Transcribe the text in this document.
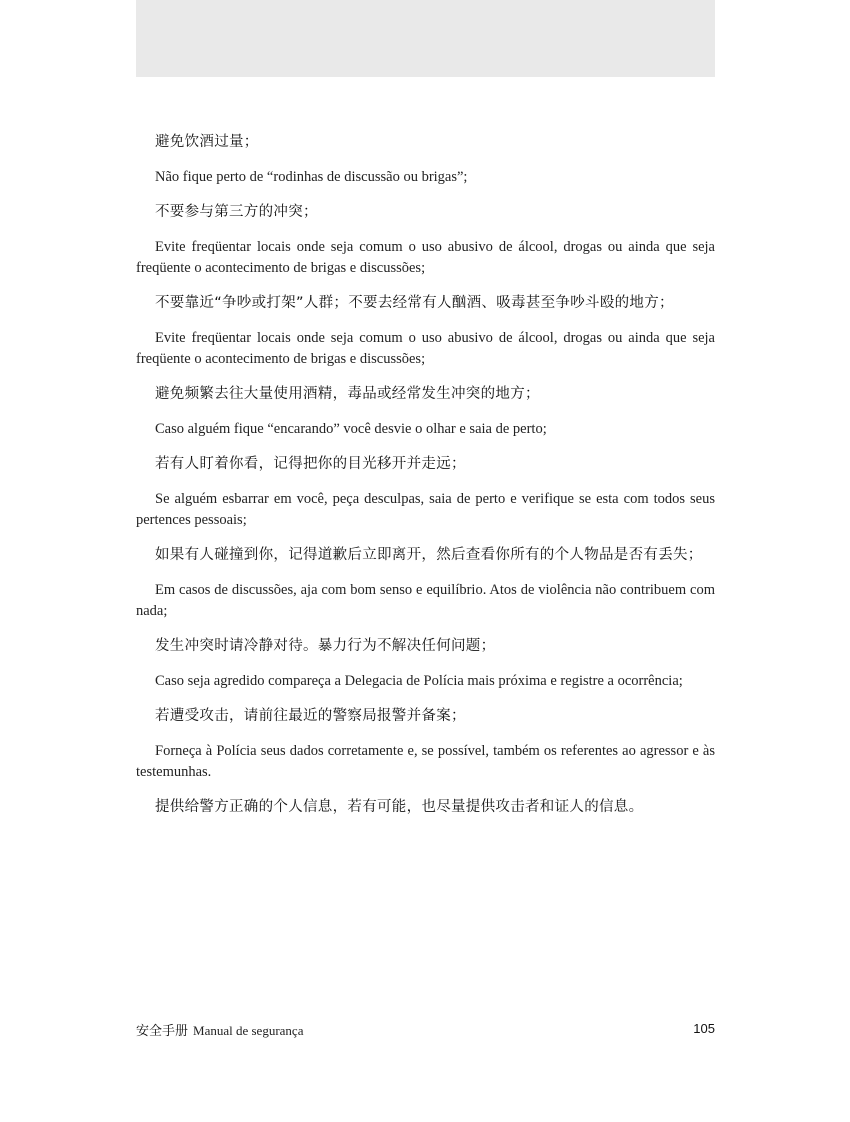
避免饮酒过量；

Não fique perto de “rodinhas de discussão ou brigas”;

不要参与第三方的冲突；

Evite freqüentar locais onde seja comum o uso abusivo de álcool, drogas ou ainda que seja freqüente o acontecimento de brigas e discussões;

不要靠近“争吵或打架”人群；不要去经常有人酗酒、吸毒甚至争吵斗殴的地方；

Evite freqüentar locais onde seja comum o uso abusivo de álcool, drogas ou ainda que seja freqüente o acontecimento de brigas e discussões;

避免频繁去往大量使用酒精，毒品或经常发生冲突的地方；

Caso alguém fique “encarando” você desvie o olhar e saia de perto;

若有人盯着你看，记得把你的目光移开并走远；

Se alguém esbarrar em você, peça desculpas, saia de perto e verifique se esta com todos seus pertences pessoais;

如果有人碰撞到你，记得道歉后立即离开，然后查看你所有的个人物品是否有丢失；

Em casos de discussões, aja com bom senso e equilíbrio. Atos de violência não contribuem com nada;

发生冲突时请冷静对待。暴力行为不解决任何问题；

Caso seja agredido compareça a Delegacia de Polícia mais próxima e registre a ocorrência;

若遭受攻击，请前往最近的警察局报警并备案；

Forneça à Polícia seus dados corretamente e, se possível, também os referentes ao agressor e às testemunhas.

提供给警方正确的个人信息，若有可能，也尽量提供攻击者和证人的信息。

安全手册 Manual de segurança	105
